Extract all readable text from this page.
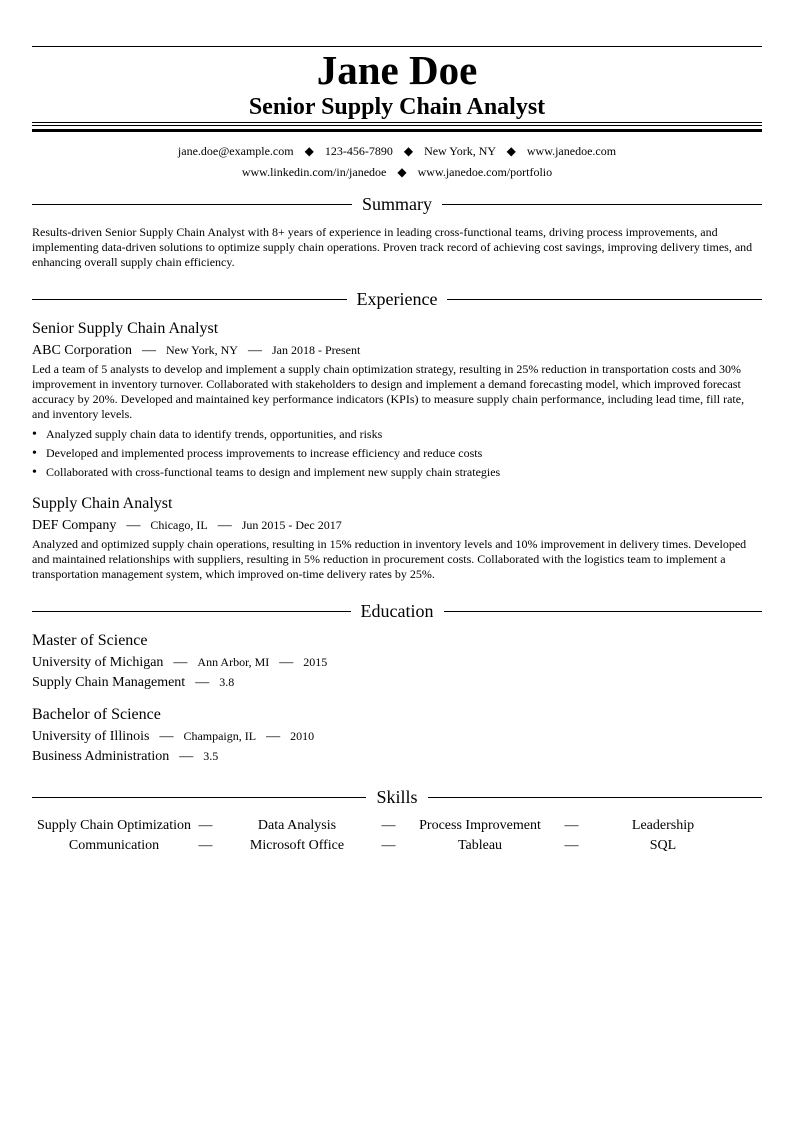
Jane Doe
Senior Supply Chain Analyst
jane.doe@example.com ◆ 123-456-7890 ◆ New York, NY ◆ www.janedoe.com
www.linkedin.com/in/janedoe ◆ www.janedoe.com/portfolio
Summary
Results-driven Senior Supply Chain Analyst with 8+ years of experience in leading cross-functional teams, driving process improvements, and implementing data-driven solutions to optimize supply chain operations. Proven track record of achieving cost savings, improving delivery times, and enhancing overall supply chain efficiency.
Experience
Senior Supply Chain Analyst
ABC Corporation — New York, NY — Jan 2018 - Present
Led a team of 5 analysts to develop and implement a supply chain optimization strategy, resulting in 25% reduction in transportation costs and 30% improvement in inventory turnover. Collaborated with stakeholders to design and implement a demand forecasting model, which improved forecast accuracy by 20%. Developed and maintained key performance indicators (KPIs) to measure supply chain performance, including lead time, fill rate, and inventory levels.
• Analyzed supply chain data to identify trends, opportunities, and risks
• Developed and implemented process improvements to increase efficiency and reduce costs
• Collaborated with cross-functional teams to design and implement new supply chain strategies
Supply Chain Analyst
DEF Company — Chicago, IL — Jun 2015 - Dec 2017
Analyzed and optimized supply chain operations, resulting in 15% reduction in inventory levels and 10% improvement in delivery times. Developed and maintained relationships with suppliers, resulting in 5% reduction in procurement costs. Collaborated with the logistics team to implement a transportation management system, which improved on-time delivery rates by 25%.
Education
Master of Science
University of Michigan — Ann Arbor, MI — 2015
Supply Chain Management — 3.8
Bachelor of Science
University of Illinois — Champaign, IL — 2010
Business Administration — 3.5
Skills
Supply Chain Optimization —	Data Analysis	—	Process Improvement	—	Leadership
Communication	—	Microsoft Office	—	Tableau	—	SQL
